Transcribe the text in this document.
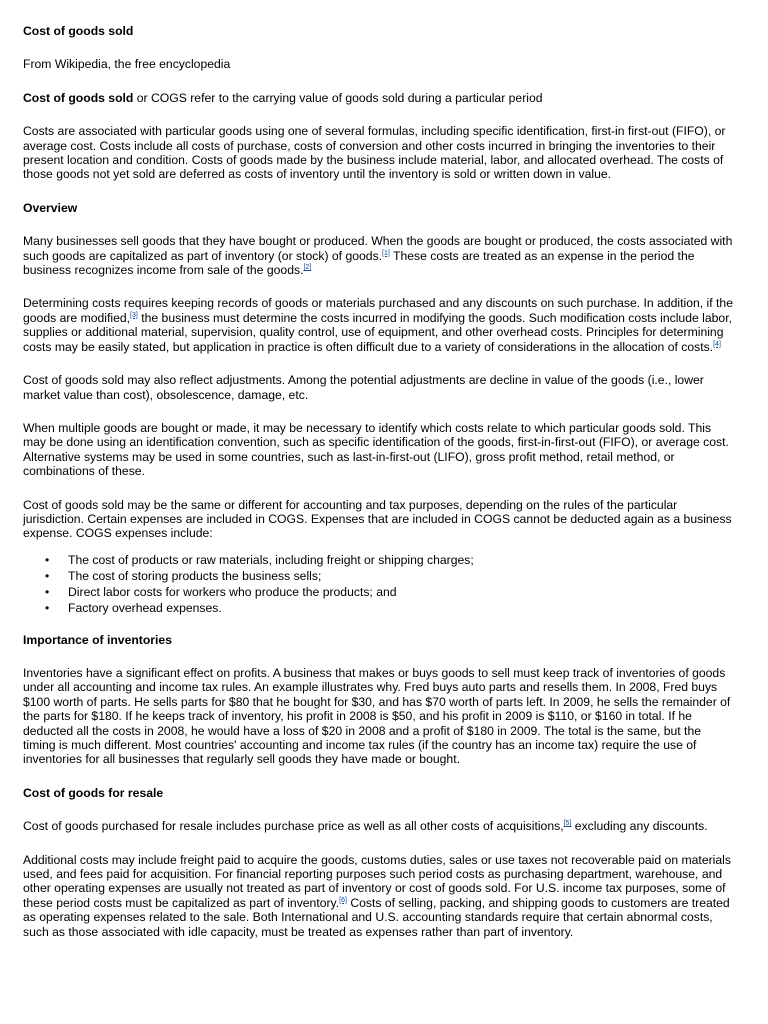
Cost of goods sold

From Wikipedia, the free encyclopedia

Cost of goods sold or COGS refer to the carrying value of goods sold during a particular period

Costs are associated with particular goods using one of several formulas, including specific identification, first-in first-out (FIFO), or average cost. Costs include all costs of purchase, costs of conversion and other costs incurred in bringing the inventories to their present location and condition. Costs of goods made by the business include material, labor, and allocated overhead. The costs of those goods not yet sold are deferred as costs of inventory until the inventory is sold or written down in value.

Overview

Many businesses sell goods that they have bought or produced. When the goods are bought or produced, the costs associated with such goods are capitalized as part of inventory (or stock) of goods.[1] These costs are treated as an expense in the period the business recognizes income from sale of the goods.[2]

Determining costs requires keeping records of goods or materials purchased and any discounts on such purchase. In addition, if the goods are modified,[3] the business must determine the costs incurred in modifying the goods. Such modification costs include labor, supplies or additional material, supervision, quality control, use of equipment, and other overhead costs. Principles for determining costs may be easily stated, but application in practice is often difficult due to a variety of considerations in the allocation of costs.[4]

Cost of goods sold may also reflect adjustments. Among the potential adjustments are decline in value of the goods (i.e., lower market value than cost), obsolescence, damage, etc.

When multiple goods are bought or made, it may be necessary to identify which costs relate to which particular goods sold. This may be done using an identification convention, such as specific identification of the goods, first-in-first-out (FIFO), or average cost. Alternative systems may be used in some countries, such as last-in-first-out (LIFO), gross profit method, retail method, or combinations of these.

Cost of goods sold may be the same or different for accounting and tax purposes, depending on the rules of the particular jurisdiction. Certain expenses are included in COGS. Expenses that are included in COGS cannot be deducted again as a business expense. COGS expenses include:

• The cost of products or raw materials, including freight or shipping charges;
• The cost of storing products the business sells;
• Direct labor costs for workers who produce the products; and
• Factory overhead expenses.
Importance of inventories

Inventories have a significant effect on profits. A business that makes or buys goods to sell must keep track of inventories of goods under all accounting and income tax rules. An example illustrates why. Fred buys auto parts and resells them. In 2008, Fred buys $100 worth of parts. He sells parts for $80 that he bought for $30, and has $70 worth of parts left. In 2009, he sells the remainder of the parts for $180. If he keeps track of inventory, his profit in 2008 is $50, and his profit in 2009 is $110, or $160 in total. If he deducted all the costs in 2008, he would have a loss of $20 in 2008 and a profit of $180 in 2009. The total is the same, but the timing is much different. Most countries' accounting and income tax rules (if the country has an income tax) require the use of inventories for all businesses that regularly sell goods they have made or bought.

Cost of goods for resale

Cost of goods purchased for resale includes purchase price as well as all other costs of acquisitions,[5] excluding any discounts.

Additional costs may include freight paid to acquire the goods, customs duties, sales or use taxes not recoverable paid on materials used, and fees paid for acquisition. For financial reporting purposes such period costs as purchasing department, warehouse, and other operating expenses are usually not treated as part of inventory or cost of goods sold. For U.S. income tax purposes, some of these period costs must be capitalized as part of inventory.[6] Costs of selling, packing, and shipping goods to customers are treated as operating expenses related to the sale. Both International and U.S. accounting standards require that certain abnormal costs, such as those associated with idle capacity, must be treated as expenses rather than part of inventory.
